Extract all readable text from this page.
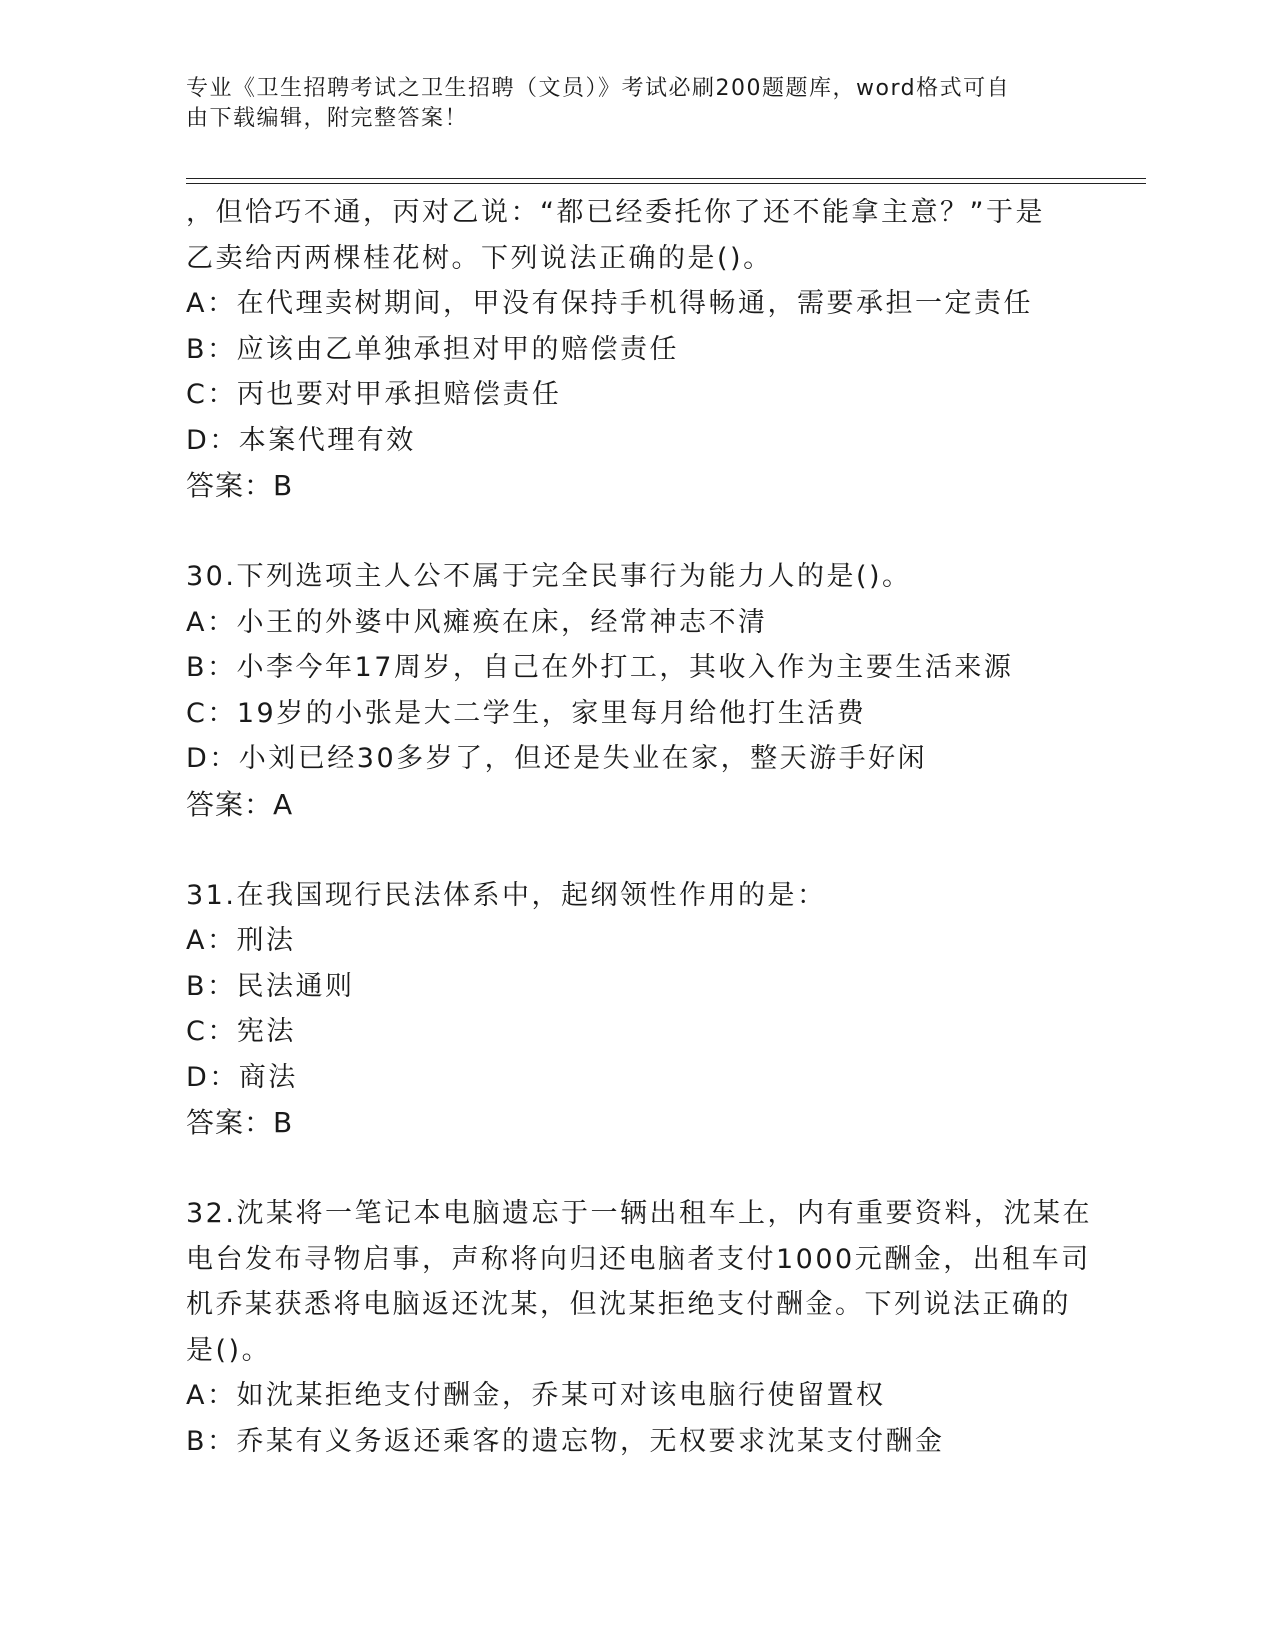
专业《卫生招聘考试之卫生招聘（文员）》考试必刷200题题库，word格式可自
由下载编辑，附完整答案！
，但恰巧不通，丙对乙说：“都已经委托你了还不能拿主意？”于是
乙卖给丙两棵桂花树。下列说法正确的是()。
A：在代理卖树期间，甲没有保持手机得畅通，需要承担一定责任
B：应该由乙单独承担对甲的赔偿责任
C：丙也要对甲承担赔偿责任
D：本案代理有效
答案：B
30.下列选项主人公不属于完全民事行为能力人的是()。
A：小王的外婆中风瘫痪在床，经常神志不清
B：小李今年17周岁，自己在外打工，其收入作为主要生活来源
C：19岁的小张是大二学生，家里每月给他打生活费
D：小刘已经30多岁了，但还是失业在家，整天游手好闲
答案：A
31.在我国现行民法体系中，起纲领性作用的是：
A：刑法
B：民法通则
C：宪法
D：商法
答案：B
32.沈某将一笔记本电脑遗忘于一辆出租车上，内有重要资料，沈某在
电台发布寻物启事，声称将向归还电脑者支付1000元酬金，出租车司
机乔某获悉将电脑返还沈某，但沈某拒绝支付酬金。下列说法正确的
是()。
A：如沈某拒绝支付酬金，乔某可对该电脑行使留置权
B：乔某有义务返还乘客的遗忘物，无权要求沈某支付酬金
